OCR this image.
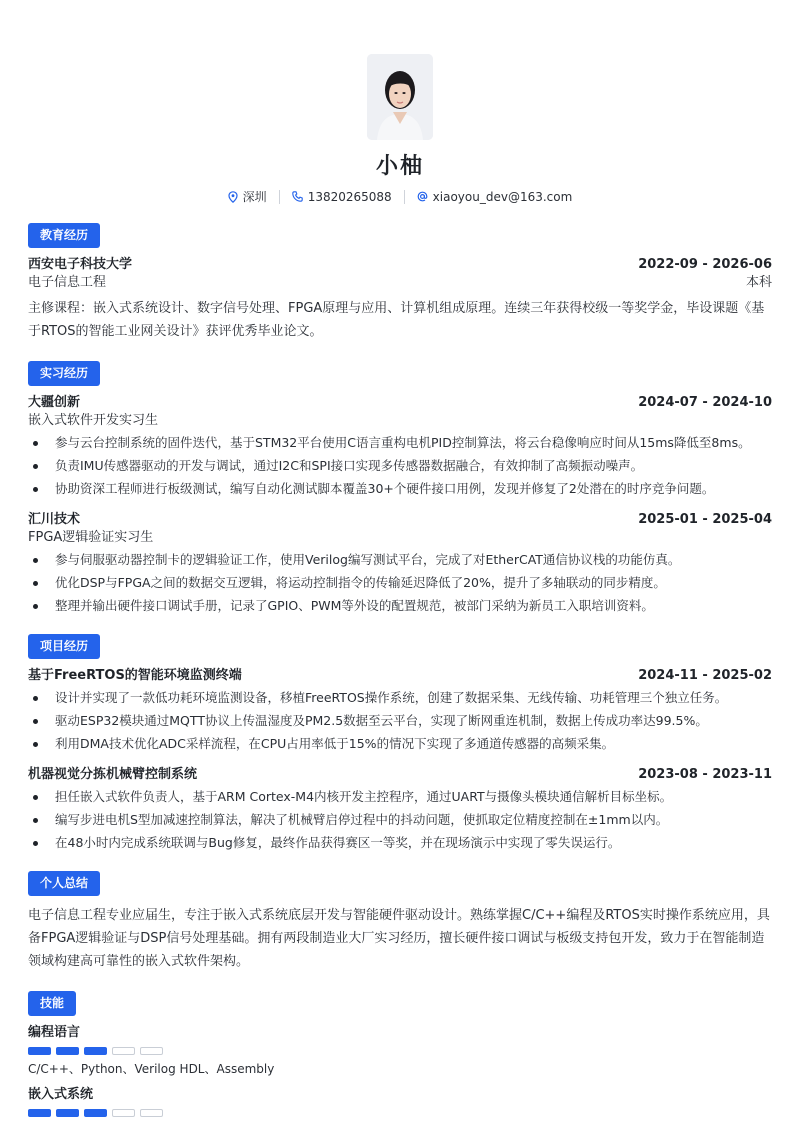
小柚
深圳	13820265088	xiaoyou_dev@163.com
教育经历
西安电子科技大学	2022-09 - 2026-06
电子信息工程	本科

主修课程：嵌入式系统设计、数字信号处理、FPGA原理与应用、计算机组成原理。连续三年获得校级一等奖学金，毕设课题《基于RTOS的智能工业网关设计》获评优秀毕业论文。

实习经历
大疆创新	2024-07 - 2024-10
嵌入式软件开发实习生
参与云台控制系统的固件迭代，基于STM32平台使用C语言重构电机PID控制算法，将云台稳像响应时间从15ms降低至8ms。
负责IMU传感器驱动的开发与调试，通过I2C和SPI接口实现多传感器数据融合，有效抑制了高频振动噪声。
协助资深工程师进行板级测试，编写自动化测试脚本覆盖30+个硬件接口用例，发现并修复了2处潜在的时序竞争问题。
汇川技术	2025-01 - 2025-04
FPGA逻辑验证实习生
参与伺服驱动器控制卡的逻辑验证工作，使用Verilog编写测试平台，完成了对EtherCAT通信协议栈的功能仿真。
优化DSP与FPGA之间的数据交互逻辑，将运动控制指令的传输延迟降低了20%，提升了多轴联动的同步精度。
整理并输出硬件接口调试手册，记录了GPIO、PWM等外设的配置规范，被部门采纳为新员工入职培训资料。
项目经历
基于FreeRTOS的智能环境监测终端	2024-11 - 2025-02
设计并实现了一款低功耗环境监测设备，移植FreeRTOS操作系统，创建了数据采集、无线传输、功耗管理三个独立任务。
驱动ESP32模块通过MQTT协议上传温湿度及PM2.5数据至云平台，实现了断网重连机制，数据上传成功率达99.5%。
利用DMA技术优化ADC采样流程，在CPU占用率低于15%的情况下实现了多通道传感器的高频采集。
机器视觉分拣机械臂控制系统	2023-08 - 2023-11
担任嵌入式软件负责人，基于ARM Cortex-M4内核开发主控程序，通过UART与摄像头模块通信解析目标坐标。
编写步进电机S型加减速控制算法，解决了机械臂启停过程中的抖动问题，使抓取定位精度控制在±1mm以内。
在48小时内完成系统联调与Bug修复，最终作品获得赛区一等奖，并在现场演示中实现了零失误运行。
个人总结

电子信息工程专业应届生，专注于嵌入式系统底层开发与智能硬件驱动设计。熟练掌握C/C++编程及RTOS实时操作系统应用，具备FPGA逻辑验证与DSP信号处理基础。拥有两段制造业大厂实习经历，擅长硬件接口调试与板级支持包开发，致力于在智能制造领域构建高可靠性的嵌入式软件架构。

技能
编程语言
C/C++、Python、Verilog HDL、Assembly
嵌入式系统
